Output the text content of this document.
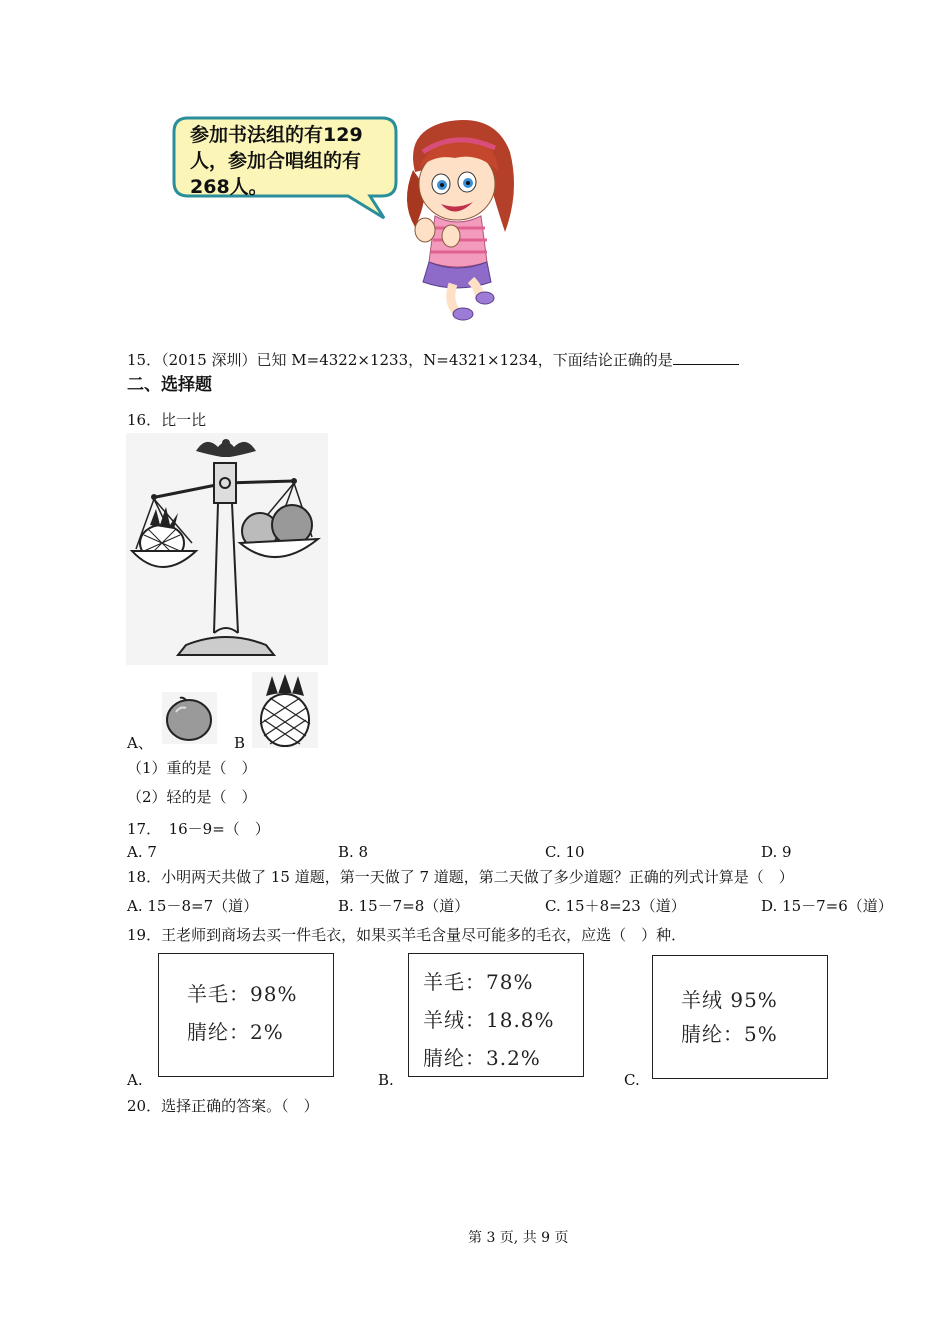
参加书法组的有129
人，参加合唱组的有
268人。
15．（2015 深圳）已知 M=4322×1233，N=4321×1234，下面结论正确的是
二、选择题
16．比一比
A、	B
（1）重的是（　）
（2）轻的是（　）
17．　16－9=（　）
A. 7	B. 8	C. 10	D. 9
18．小明两天共做了 15 道题，第一天做了 7 道题，第二天做了多少道题？正确的列式计算是（　）
A. 15－8=7（道）	B. 15－7=8（道）	C. 15＋8=23（道）	D. 15－7=6（道）
19．王老师到商场去买一件毛衣，如果买羊毛含量尽可能多的毛衣，应选（　）种．
羊毛：98%
腈纶：2%
羊毛：78%
羊绒：18.8%
腈纶：3.2%
羊绒 95%
腈纶：5%
A.	B.	C.
20．选择正确的答案。（　）
第 3 页, 共 9 页
